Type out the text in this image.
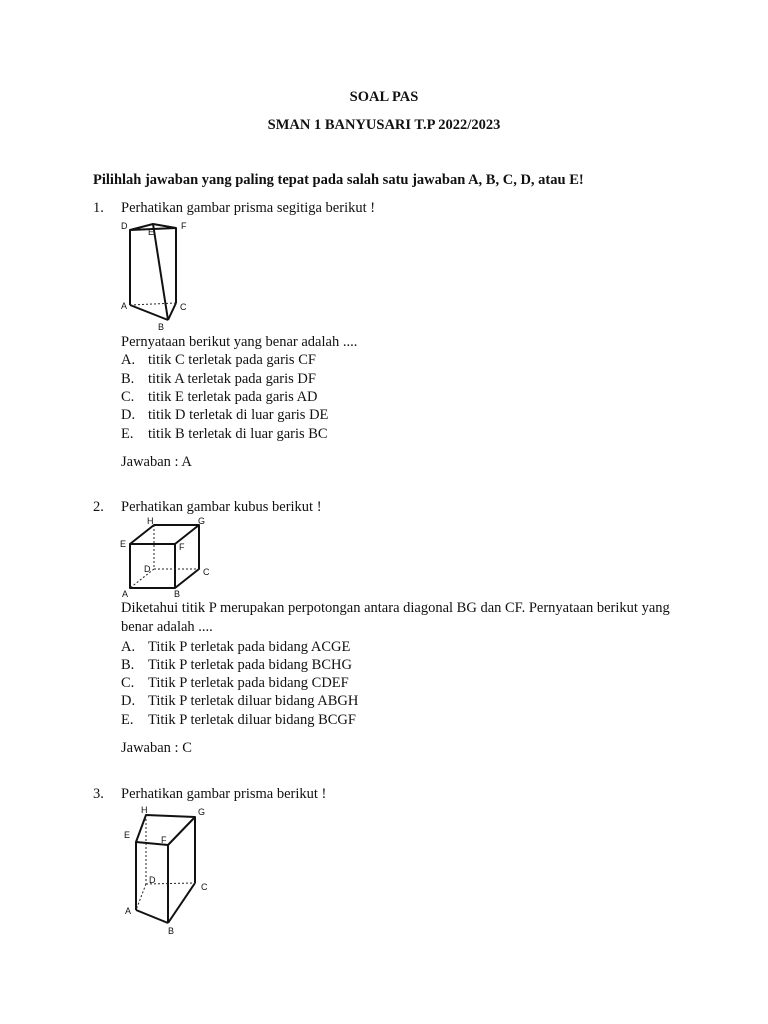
SOAL PAS
SMAN 1 BANYUSARI T.P 2022/2023
Pilihlah jawaban yang paling tepat pada salah satu jawaban A, B, C, D, atau E!
1. Perhatikan gambar prisma segitiga berikut !
D
E
F
A
B
C
Pernyataan berikut yang benar adalah ....
A. titik C terletak pada garis CF
B. titik A terletak pada garis DF
C. titik E terletak pada garis AD
D. titik D terletak di luar garis DE
E. titik B terletak di luar garis BC
Jawaban : A
2. Perhatikan gambar kubus berikut !
H	G
E	F
D	C
A	B
Diketahui titik P merupakan perpotongan antara diagonal BG dan CF. Pernyataan berikut yang benar adalah ....
A. Titik P terletak pada bidang ACGE
B. Titik P terletak pada bidang BCHG
C. Titik P terletak pada bidang CDEF
D. Titik P terletak diluar bidang ABGH
E. Titik P terletak diluar bidang BCGF
Jawaban : C
3. Perhatikan gambar prisma berikut !
H	G
E	F
D
C
A
B
